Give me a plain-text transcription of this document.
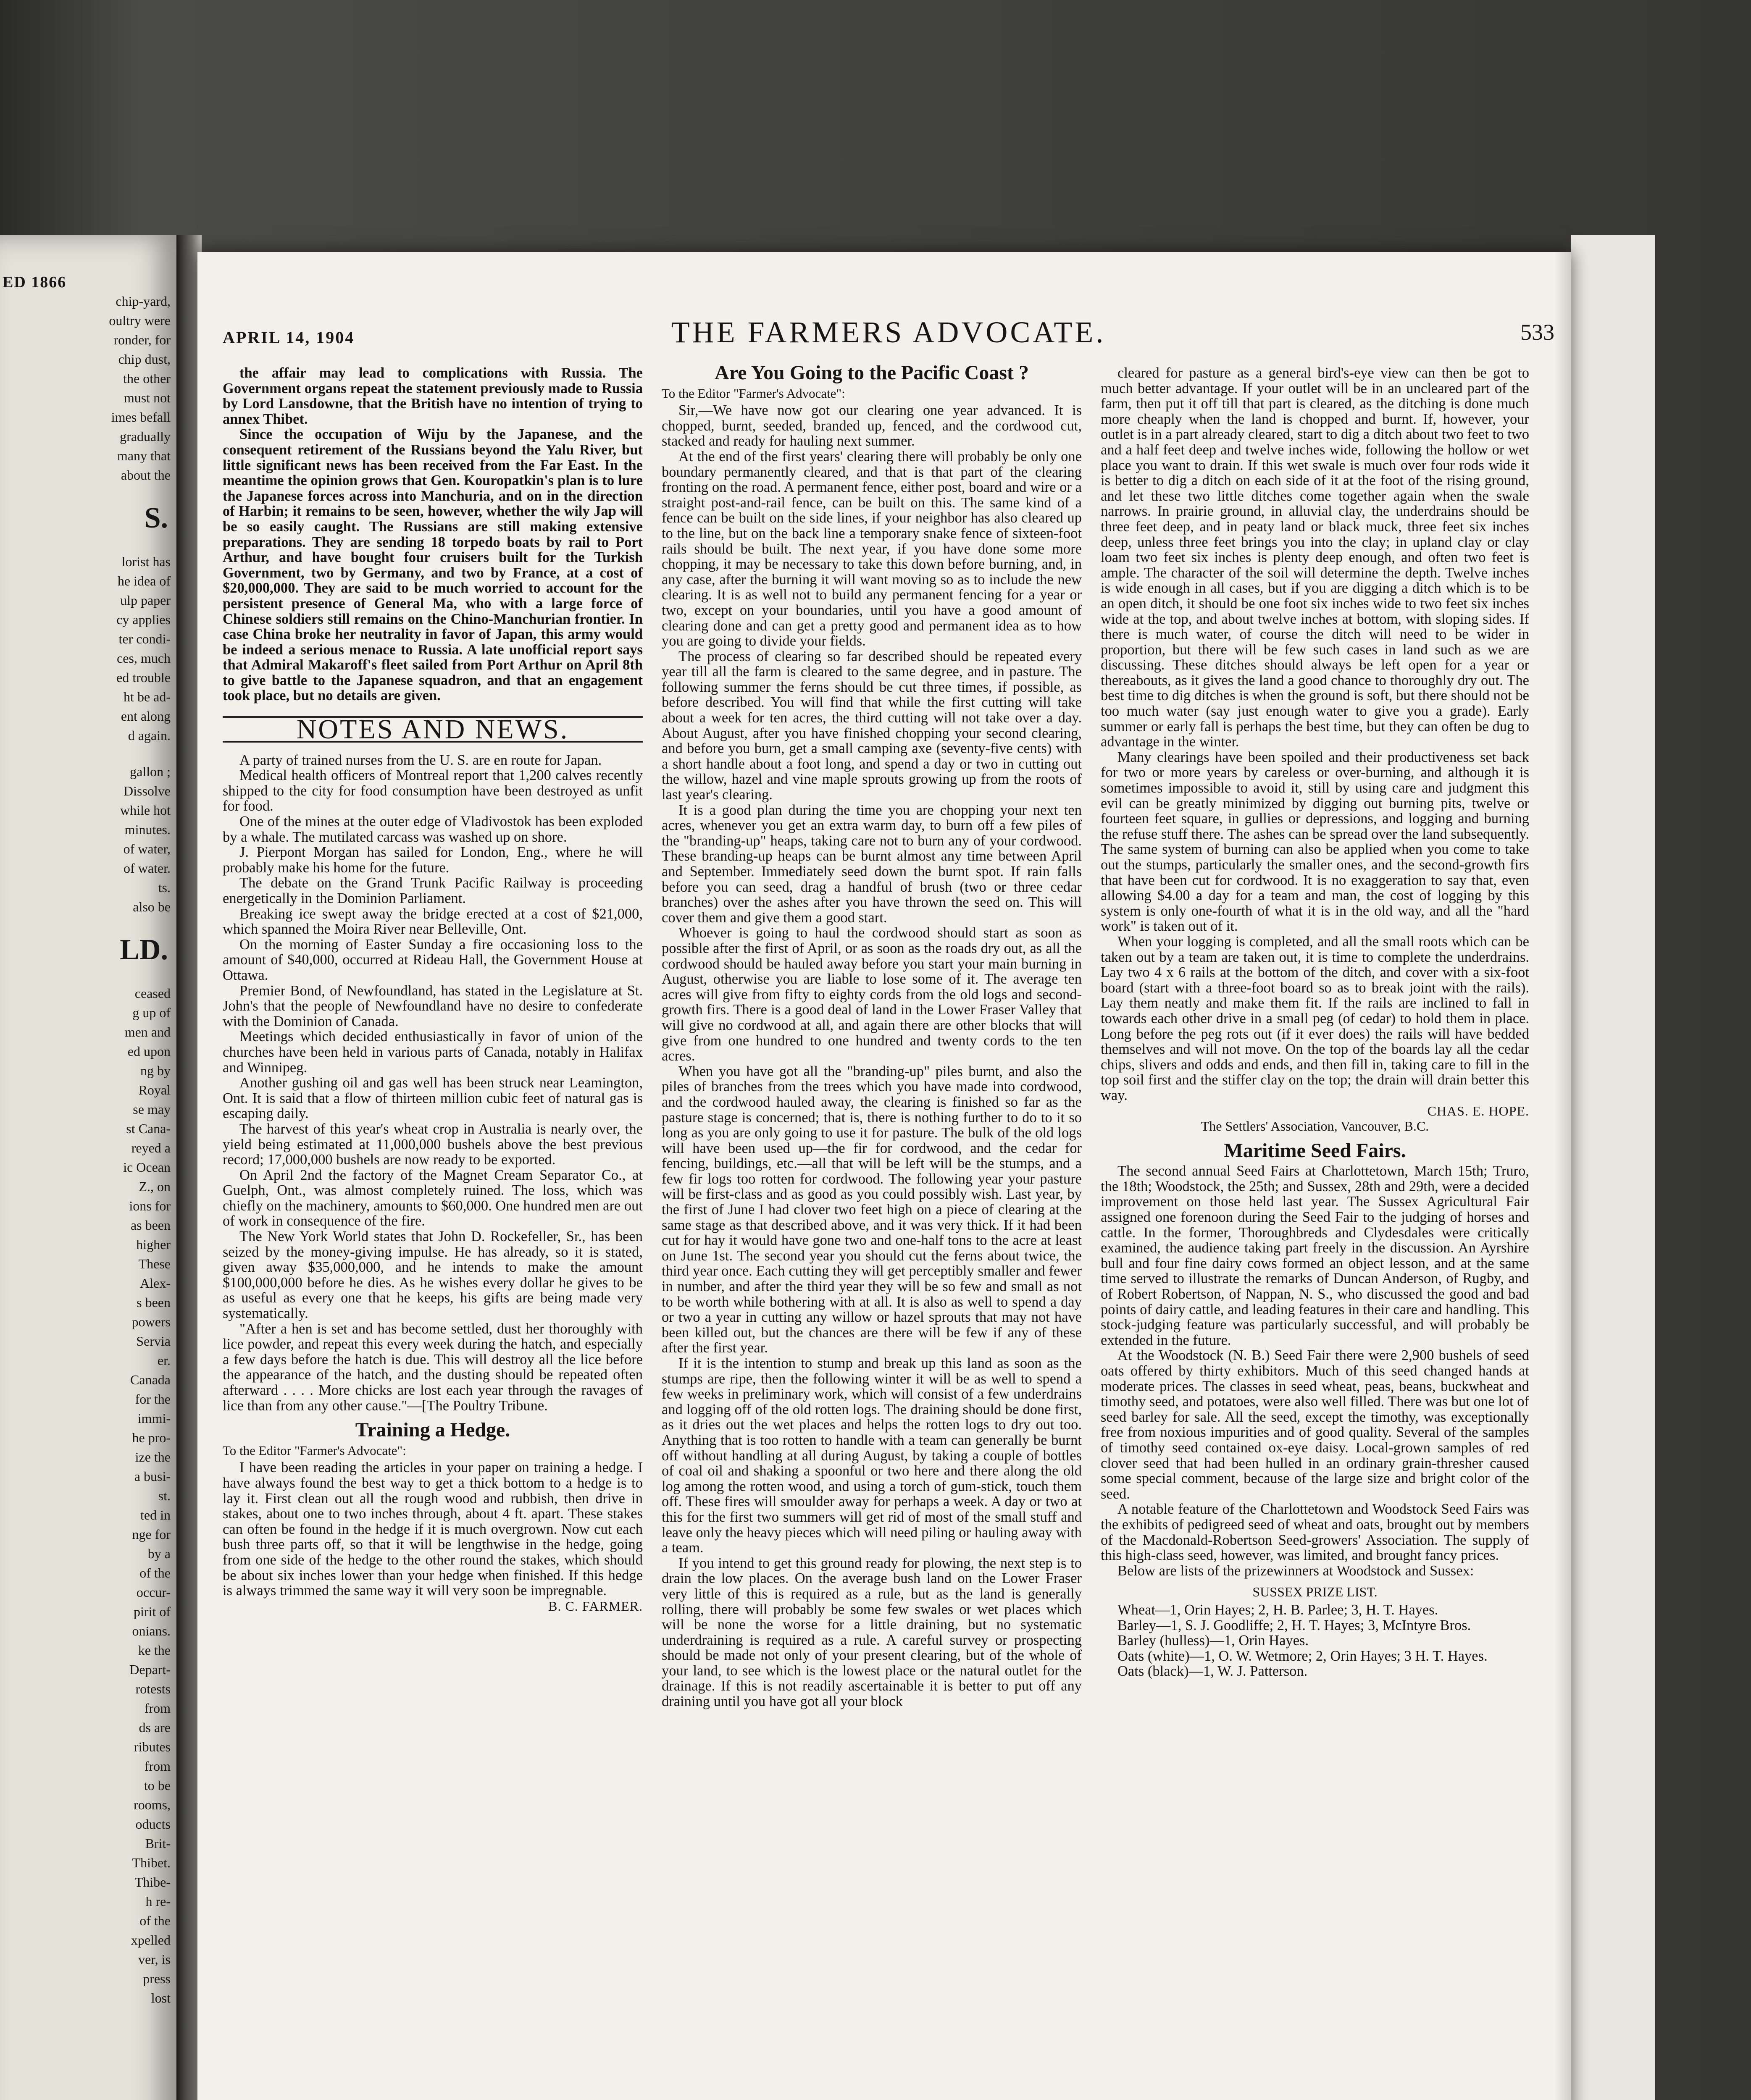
ED 1866
chip-yard,
oultry were
ronder, for
chip dust,
the other
must not
imes befall
gradually
many that
about the
S.
lorist has
he idea of
ulp paper
cy applies
ter condi-
ces, much
ed trouble
ht be ad-
ent along
d again.
gallon ;
Dissolve
while hot
minutes.
of water,
of water.
ts.
also be
LD.
ceased
g up of
men and
ed upon
ng by
Royal
se may
st Cana-
reyed a
ic Ocean
Z., on
ions for
as been
higher
These
Alex-
s been
powers
Servia
er.
Canada
for the
immi-
he pro-
ize the
a busi-
st.
ted in
nge for
by a
of the
occur-
pirit of
onians.
ke the
Depart-
rotests
from
ds are
ributes
from
to be
rooms,
oducts
Brit-
Thibet.
Thibe-
h re-
of the
xpelled
ver, is
press
lost
APRIL 14, 1904	THE FARMERS ADVOCATE.	533

the affair may lead to complications with Russia. The Government organs repeat the statement previously made to Russia by Lord Lansdowne, that the British have no intention of trying to annex Thibet.

Since the occupation of Wiju by the Japanese, and the consequent retirement of the Russians beyond the Yalu River, but little significant news has been received from the Far East. In the meantime the opinion grows that Gen. Kouropatkin's plan is to lure the Japanese forces across into Manchuria, and on in the direction of Harbin; it remains to be seen, however, whether the wily Jap will be so easily caught. The Russians are still making extensive preparations. They are sending 18 torpedo boats by rail to Port Arthur, and have bought four cruisers built for the Turkish Government, two by Germany, and two by France, at a cost of $20,000,000. They are said to be much worried to account for the persistent presence of General Ma, who with a large force of Chinese soldiers still remains on the Chino-Manchurian frontier. In case China broke her neutrality in favor of Japan, this army would be indeed a serious menace to Russia. A late unofficial report says that Admiral Makaroff's fleet sailed from Port Arthur on April 8th to give battle to the Japanese squadron, and that an engagement took place, but no details are given.

NOTES AND NEWS.

A party of trained nurses from the U. S. are en route for Japan.

Medical health officers of Montreal report that 1,200 calves recently shipped to the city for food consumption have been destroyed as unfit for food.

One of the mines at the outer edge of Vladivostok has been exploded by a whale. The mutilated carcass was washed up on shore.

J. Pierpont Morgan has sailed for London, Eng., where he will probably make his home for the future.

The debate on the Grand Trunk Pacific Railway is proceeding energetically in the Dominion Parliament.

Breaking ice swept away the bridge erected at a cost of $21,000, which spanned the Moira River near Belleville, Ont.

On the morning of Easter Sunday a fire occasioning loss to the amount of $40,000, occurred at Rideau Hall, the Government House at Ottawa.

Premier Bond, of Newfoundland, has stated in the Legislature at St. John's that the people of Newfoundland have no desire to confederate with the Dominion of Canada.

Meetings which decided enthusiastically in favor of union of the churches have been held in various parts of Canada, notably in Halifax and Winnipeg.

Another gushing oil and gas well has been struck near Leamington, Ont. It is said that a flow of thirteen million cubic feet of natural gas is escaping daily.

The harvest of this year's wheat crop in Australia is nearly over, the yield being estimated at 11,000,000 bushels above the best previous record; 17,000,000 bushels are now ready to be exported.

On April 2nd the factory of the Magnet Cream Separator Co., at Guelph, Ont., was almost completely ruined. The loss, which was chiefly on the machinery, amounts to $60,000. One hundred men are out of work in consequence of the fire.

The New York World states that John D. Rockefeller, Sr., has been seized by the money-giving impulse. He has already, so it is stated, given away $35,000,000, and he intends to make the amount $100,000,000 before he dies. As he wishes every dollar he gives to be as useful as every one that he keeps, his gifts are being made very systematically.

"After a hen is set and has become settled, dust her thoroughly with lice powder, and repeat this every week during the hatch, and especially a few days before the hatch is due. This will destroy all the lice before the appearance of the hatch, and the dusting should be repeated often afterward . . . . More chicks are lost each year through the ravages of lice than from any other cause."—[The Poultry Tribune.

Training a Hedge.

To the Editor "Farmer's Advocate":

I have been reading the articles in your paper on training a hedge. I have always found the best way to get a thick bottom to a hedge is to lay it. First clean out all the rough wood and rubbish, then drive in stakes, about one to two inches through, about 4 ft. apart. These stakes can often be found in the hedge if it is much overgrown. Now cut each bush three parts off, so that it will be lengthwise in the hedge, going from one side of the hedge to the other round the stakes, which should be about six inches lower than your hedge when finished. If this hedge is always trimmed the same way it will very soon be impregnable.

B. C. FARMER.

Are You Going to the Pacific Coast ?

To the Editor "Farmer's Advocate":

Sir,—We have now got our clearing one year advanced. It is chopped, burnt, seeded, branded up, fenced, and the cordwood cut, stacked and ready for hauling next summer.

At the end of the first years' clearing there will probably be only one boundary permanently cleared, and that is that part of the clearing fronting on the road. A permanent fence, either post, board and wire or a straight post-and-rail fence, can be built on this. The same kind of a fence can be built on the side lines, if your neighbor has also cleared up to the line, but on the back line a temporary snake fence of sixteen-foot rails should be built. The next year, if you have done some more chopping, it may be necessary to take this down before burning, and, in any case, after the burning it will want moving so as to include the new clearing. It is as well not to build any permanent fencing for a year or two, except on your boundaries, until you have a good amount of clearing done and can get a pretty good and permanent idea as to how you are going to divide your fields.

The process of clearing so far described should be repeated every year till all the farm is cleared to the same degree, and in pasture. The following summer the ferns should be cut three times, if possible, as before described. You will find that while the first cutting will take about a week for ten acres, the third cutting will not take over a day. About August, after you have finished chopping your second clearing, and before you burn, get a small camping axe (seventy-five cents) with a short handle about a foot long, and spend a day or two in cutting out the willow, hazel and vine maple sprouts growing up from the roots of last year's clearing.

It is a good plan during the time you are chopping your next ten acres, whenever you get an extra warm day, to burn off a few piles of the "branding-up" heaps, taking care not to burn any of your cordwood. These branding-up heaps can be burnt almost any time between April and September. Immediately seed down the burnt spot. If rain falls before you can seed, drag a handful of brush (two or three cedar branches) over the ashes after you have thrown the seed on. This will cover them and give them a good start.

Whoever is going to haul the cordwood should start as soon as possible after the first of April, or as soon as the roads dry out, as all the cordwood should be hauled away before you start your main burning in August, otherwise you are liable to lose some of it. The average ten acres will give from fifty to eighty cords from the old logs and second-growth firs. There is a good deal of land in the Lower Fraser Valley that will give no cordwood at all, and again there are other blocks that will give from one hundred to one hundred and twenty cords to the ten acres.

When you have got all the "branding-up" piles burnt, and also the piles of branches from the trees which you have made into cordwood, and the cordwood hauled away, the clearing is finished so far as the pasture stage is concerned; that is, there is nothing further to do to it so long as you are only going to use it for pasture. The bulk of the old logs will have been used up—the fir for cordwood, and the cedar for fencing, buildings, etc.—all that will be left will be the stumps, and a few fir logs too rotten for cordwood. The following year your pasture will be first-class and as good as you could possibly wish. Last year, by the first of June I had clover two feet high on a piece of clearing at the same stage as that described above, and it was very thick. If it had been cut for hay it would have gone two and one-half tons to the acre at least on June 1st. The second year you should cut the ferns about twice, the third year once. Each cutting they will get perceptibly smaller and fewer in number, and after the third year they will be so few and small as not to be worth while bothering with at all. It is also as well to spend a day or two a year in cutting any willow or hazel sprouts that may not have been killed out, but the chances are there will be few if any of these after the first year.

If it is the intention to stump and break up this land as soon as the stumps are ripe, then the following winter it will be as well to spend a few weeks in preliminary work, which will consist of a few underdrains and logging off of the old rotten logs. The draining should be done first, as it dries out the wet places and helps the rotten logs to dry out too. Anything that is too rotten to handle with a team can generally be burnt off without handling at all during August, by taking a couple of bottles of coal oil and shaking a spoonful or two here and there along the old log among the rotten wood, and using a torch of gum-stick, touch them off. These fires will smoulder away for perhaps a week. A day or two at this for the first two summers will get rid of most of the small stuff and leave only the heavy pieces which will need piling or hauling away with a team.

If you intend to get this ground ready for plowing, the next step is to drain the low places. On the average bush land on the Lower Fraser very little of this is required as a rule, but as the land is generally rolling, there will probably be some few swales or wet places which will be none the worse for a little draining, but no systematic underdraining is required as a rule. A careful survey or prospecting should be made not only of your present clearing, but of the whole of your land, to see which is the lowest place or the natural outlet for the drainage. If this is not readily ascertainable it is better to put off any draining until you have got all your block

cleared for pasture as a general bird's-eye view can then be got to much better advantage. If your outlet will be in an uncleared part of the farm, then put it off till that part is cleared, as the ditching is done much more cheaply when the land is chopped and burnt. If, however, your outlet is in a part already cleared, start to dig a ditch about two feet to two and a half feet deep and twelve inches wide, following the hollow or wet place you want to drain. If this wet swale is much over four rods wide it is better to dig a ditch on each side of it at the foot of the rising ground, and let these two little ditches come together again when the swale narrows. In prairie ground, in alluvial clay, the underdrains should be three feet deep, and in peaty land or black muck, three feet six inches deep, unless three feet brings you into the clay; in upland clay or clay loam two feet six inches is plenty deep enough, and often two feet is ample. The character of the soil will determine the depth. Twelve inches is wide enough in all cases, but if you are digging a ditch which is to be an open ditch, it should be one foot six inches wide to two feet six inches wide at the top, and about twelve inches at bottom, with sloping sides. If there is much water, of course the ditch will need to be wider in proportion, but there will be few such cases in land such as we are discussing. These ditches should always be left open for a year or thereabouts, as it gives the land a good chance to thoroughly dry out. The best time to dig ditches is when the ground is soft, but there should not be too much water (say just enough water to give you a grade). Early summer or early fall is perhaps the best time, but they can often be dug to advantage in the winter.

Many clearings have been spoiled and their productiveness set back for two or more years by careless or over-burning, and although it is sometimes impossible to avoid it, still by using care and judgment this evil can be greatly minimized by digging out burning pits, twelve or fourteen feet square, in gullies or depressions, and logging and burning the refuse stuff there. The ashes can be spread over the land subsequently. The same system of burning can also be applied when you come to take out the stumps, particularly the smaller ones, and the second-growth firs that have been cut for cordwood. It is no exaggeration to say that, even allowing $4.00 a day for a team and man, the cost of logging by this system is only one-fourth of what it is in the old way, and all the "hard work" is taken out of it.

When your logging is completed, and all the small roots which can be taken out by a team are taken out, it is time to complete the underdrains. Lay two 4 x 6 rails at the bottom of the ditch, and cover with a six-foot board (start with a three-foot board so as to break joint with the rails). Lay them neatly and make them fit. If the rails are inclined to fall in towards each other drive in a small peg (of cedar) to hold them in place. Long before the peg rots out (if it ever does) the rails will have bedded themselves and will not move. On the top of the boards lay all the cedar chips, slivers and odds and ends, and then fill in, taking care to fill in the top soil first and the stiffer clay on the top; the drain will drain better this way.

CHAS. E. HOPE.

The Settlers' Association, Vancouver, B.C.

Maritime Seed Fairs.

The second annual Seed Fairs at Charlottetown, March 15th; Truro, the 18th; Woodstock, the 25th; and Sussex, 28th and 29th, were a decided improvement on those held last year. The Sussex Agricultural Fair assigned one forenoon during the Seed Fair to the judging of horses and cattle. In the former, Thoroughbreds and Clydesdales were critically examined, the audience taking part freely in the discussion. An Ayrshire bull and four fine dairy cows formed an object lesson, and at the same time served to illustrate the remarks of Duncan Anderson, of Rugby, and of Robert Robertson, of Nappan, N. S., who discussed the good and bad points of dairy cattle, and leading features in their care and handling. This stock-judging feature was particularly successful, and will probably be extended in the future.

At the Woodstock (N. B.) Seed Fair there were 2,900 bushels of seed oats offered by thirty exhibitors. Much of this seed changed hands at moderate prices. The classes in seed wheat, peas, beans, buckwheat and timothy seed, and potatoes, were also well filled. There was but one lot of seed barley for sale. All the seed, except the timothy, was exceptionally free from noxious impurities and of good quality. Several of the samples of timothy seed contained ox-eye daisy. Local-grown samples of red clover seed that had been hulled in an ordinary grain-thresher caused some special comment, because of the large size and bright color of the seed.

A notable feature of the Charlottetown and Woodstock Seed Fairs was the exhibits of pedigreed seed of wheat and oats, brought out by members of the Macdonald-Robertson Seed-growers' Association. The supply of this high-class seed, however, was limited, and brought fancy prices.

Below are lists of the prizewinners at Woodstock and Sussex:

SUSSEX PRIZE LIST.

Wheat—1, Orin Hayes; 2, H. B. Parlee; 3, H. T. Hayes.

Barley—1, S. J. Goodliffe; 2, H. T. Hayes; 3, McIntyre Bros.

Barley (hulless)—1, Orin Hayes.

Oats (white)—1, O. W. Wetmore; 2, Orin Hayes; 3 H. T. Hayes.

Oats (black)—1, W. J. Patterson.
